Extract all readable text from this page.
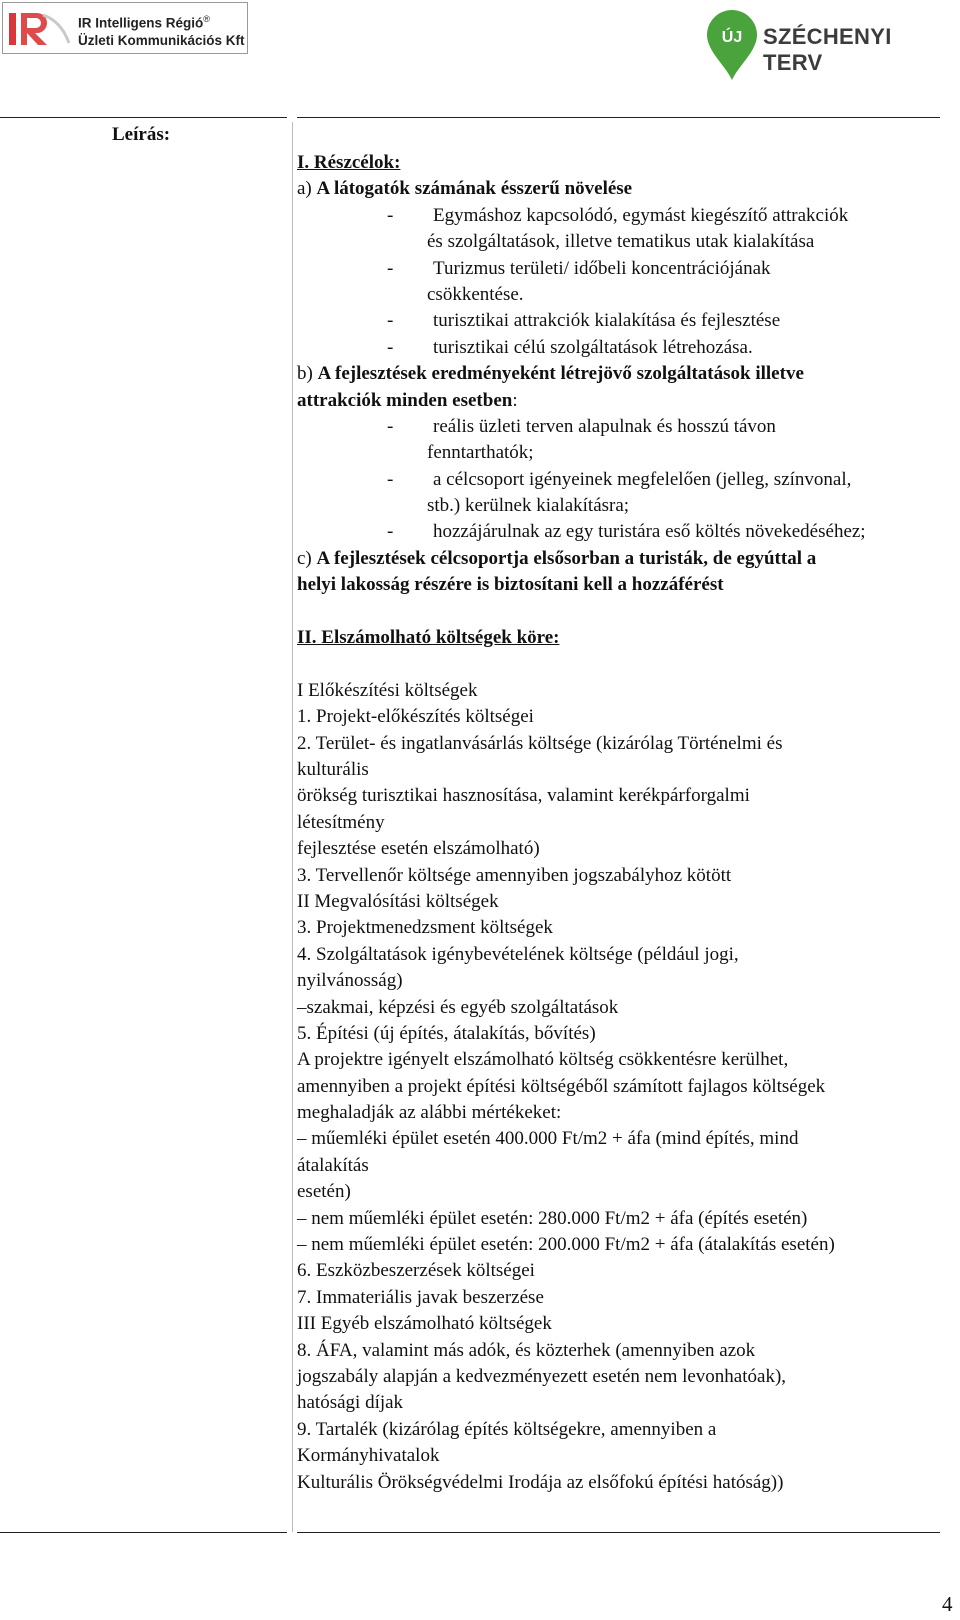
IR Intelligens Régió®
Üzleti Kommunikációs Kft	ÚJ SZÉCHENYI TERV
Leírás:
I. Részcélok:
a) A látogatók számának ésszerű növelése
- Egymáshoz kapcsolódó, egymást kiegészítő attrakciók
és szolgáltatások, illetve tematikus utak kialakítása
- Turizmus területi/ időbeli koncentrációjának
csökkentése.
- turisztikai attrakciók kialakítása és fejlesztése
- turisztikai célú szolgáltatások létrehozása.
b) A fejlesztések eredményeként létrejövő szolgáltatások illetve
attrakciók minden esetben:
- reális üzleti terven alapulnak és hosszú távon
fenntarthatók;
- a célcsoport igényeinek megfelelően (jelleg, színvonal,
stb.) kerülnek kialakításra;
- hozzájárulnak az egy turistára eső költés növekedéséhez;
c) A fejlesztések célcsoportja elsősorban a turisták, de egyúttal a
helyi lakosság részére is biztosítani kell a hozzáférést
II. Elszámolható költségek köre:
I Előkészítési költségek
1. Projekt-előkészítés költségei
2. Terület- és ingatlanvásárlás költsége (kizárólag Történelmi és
kulturális
örökség turisztikai hasznosítása, valamint kerékpárforgalmi
létesítmény
fejlesztése esetén elszámolható)
3. Tervellenőr költsége amennyiben jogszabályhoz kötött
II Megvalósítási költségek
3. Projektmenedzsment költségek
4. Szolgáltatások igénybevételének költsége (például jogi,
nyilvánosság)
–szakmai, képzési és egyéb szolgáltatások
5. Építési (új építés, átalakítás, bővítés)
A projektre igényelt elszámolható költség csökkentésre kerülhet,
amennyiben a projekt építési költségéből számított fajlagos költségek
meghaladják az alábbi mértékeket:
– műemléki épület esetén 400.000 Ft/m2 + áfa (mind építés, mind
átalakítás
esetén)
– nem műemléki épület esetén: 280.000 Ft/m2 + áfa (építés esetén)
– nem műemléki épület esetén: 200.000 Ft/m2 + áfa (átalakítás esetén)
6. Eszközbeszerzések költségei
7. Immateriális javak beszerzése
III Egyéb elszámolható költségek
8. ÁFA, valamint más adók, és közterhek (amennyiben azok
jogszabály alapján a kedvezményezett esetén nem levonhatóak),
hatósági díjak
9. Tartalék (kizárólag építés költségekre, amennyiben a
Kormányhivatalok
Kulturális Örökségvédelmi Irodája az elsőfokú építési hatóság))
4
